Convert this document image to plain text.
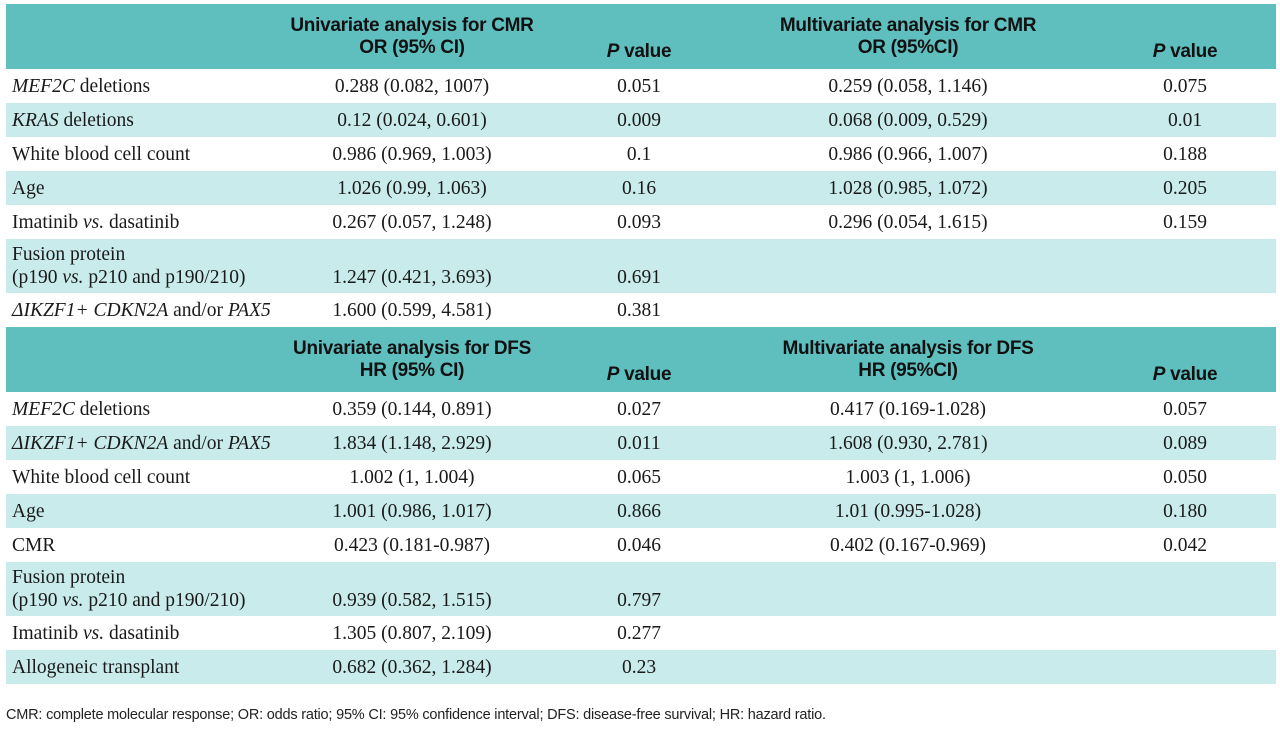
	Univariate analysis for CMR
OR (95% CI)	P value	Multivariate analysis for CMR
OR (95%CI)	P value
MEF2C deletions	0.288 (0.082, 1007)	0.051	0.259 (0.058, 1.146)	0.075
KRAS deletions	0.12 (0.024, 0.601)	0.009	0.068 (0.009, 0.529)	0.01
White blood cell count	0.986 (0.969, 1.003)	0.1	0.986 (0.966, 1.007)	0.188
Age	1.026 (0.99, 1.063)	0.16	1.028 (0.985, 1.072)	0.205
Imatinib vs. dasatinib	0.267 (0.057, 1.248)	0.093	0.296 (0.054, 1.615)	0.159

Fusion protein
(p190 vs. p210 and p190/210)	1.247 (0.421, 3.693)	0.691		
ΔIKZF1+ CDKN2A and/or PAX5	1.600 (0.599, 4.581)	0.381		

	Univariate analysis for DFS
HR (95% CI)	P value	Multivariate analysis for DFS
HR (95%CI)	P value
MEF2C deletions	0.359 (0.144, 0.891)	0.027	0.417 (0.169-1.028)	0.057
ΔIKZF1+ CDKN2A and/or PAX5	1.834 (1.148, 2.929)	0.011	1.608 (0.930, 2.781)	0.089
White blood cell count	1.002 (1, 1.004)	0.065	1.003 (1, 1.006)	0.050
Age	1.001 (0.986, 1.017)	0.866	1.01 (0.995-1.028)	0.180
CMR	0.423 (0.181-0.987)	0.046	0.402 (0.167-0.969)	0.042

Fusion protein
(p190 vs. p210 and p190/210)	0.939 (0.582, 1.515)	0.797		
Imatinib vs. dasatinib	1.305 (0.807, 2.109)	0.277		
Allogeneic transplant	0.682 (0.362, 1.284)	0.23		
CMR: complete molecular response; OR: odds ratio; 95% CI: 95% confidence interval; DFS: disease-free survival; HR: hazard ratio.
